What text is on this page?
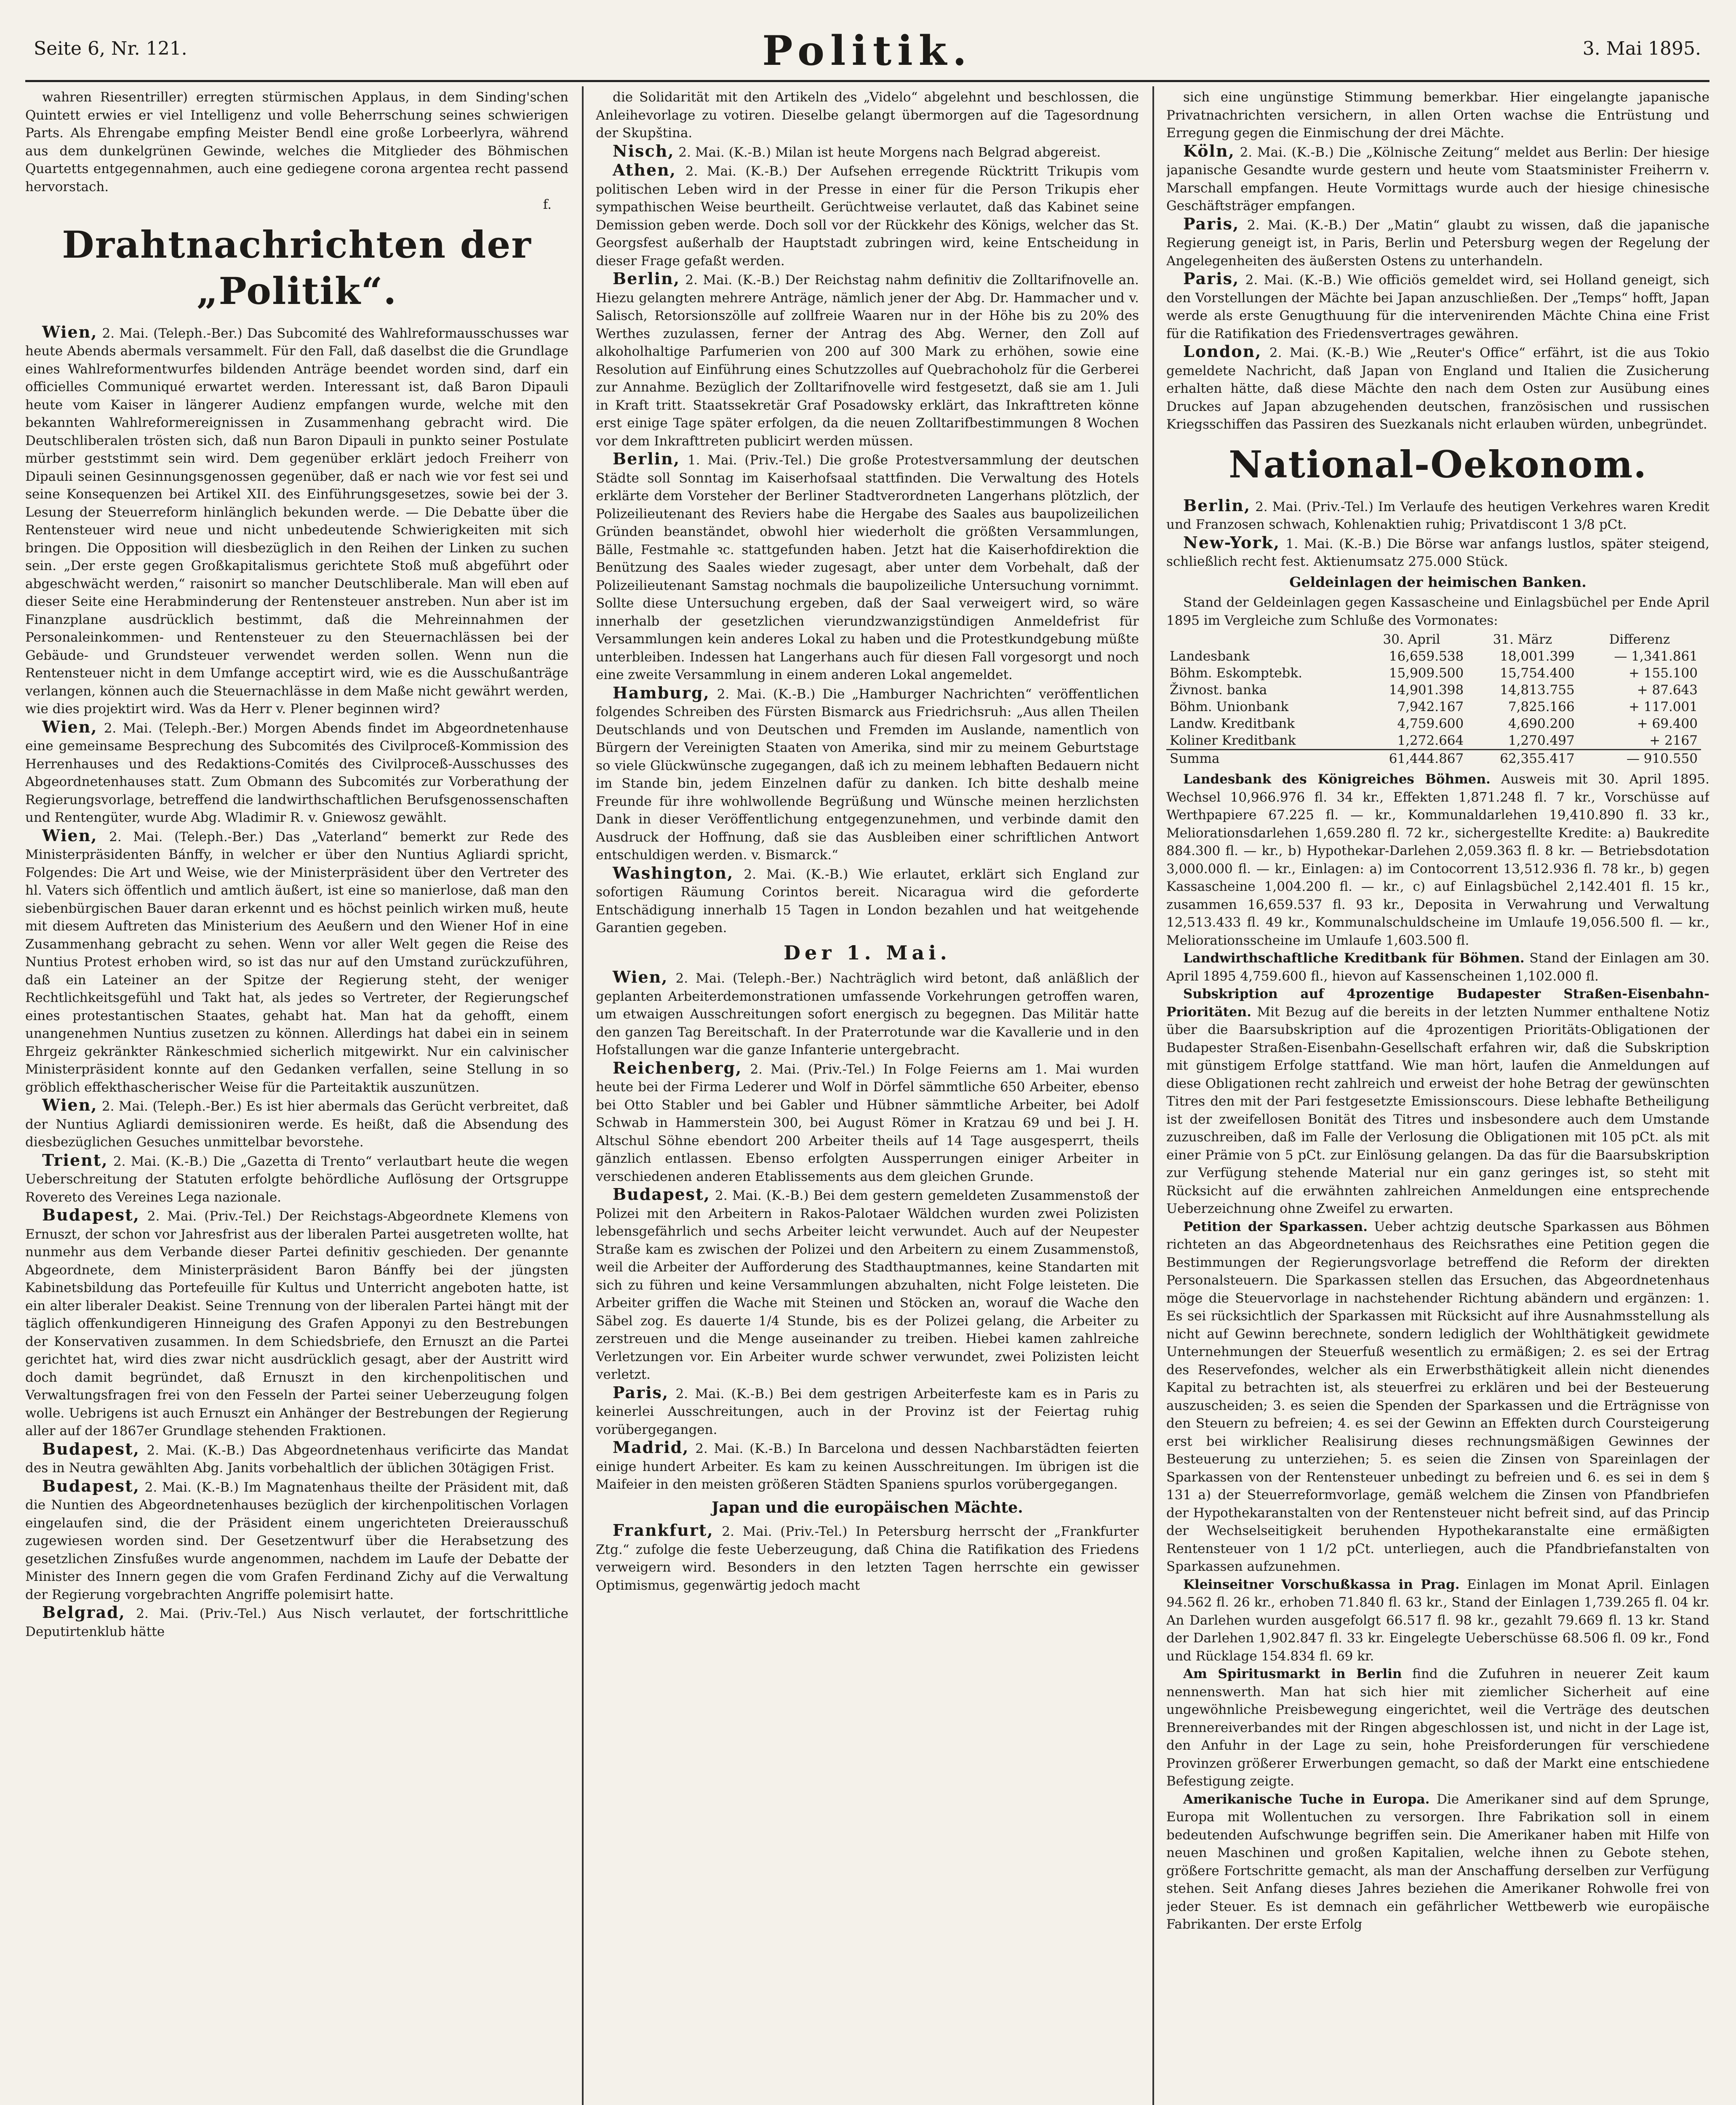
Seite 6, Nr. 121.	Politik.	3. Mai 1895.

wahren Riesentriller) erregten stürmischen Applaus, in dem Sinding'schen Quintett erwies er viel Intelligenz und volle Beherrschung seines schwierigen Parts. Als Ehrengabe empfing Meister Bendl eine große Lorbeerlyra, während aus dem dunkelgrünen Gewinde, welches die Mitglieder des Böhmischen Quartetts entgegennahmen, auch eine gediegene corona argentea recht passend hervorstach.

f.
Drahtnachrichten der „Politik“.

Wien, 2. Mai. (Teleph.-Ber.) Das Subcomité des Wahlreformausschusses war heute Abends abermals versammelt. Für den Fall, daß daselbst die die Grundlage eines Wahlreformentwurfes bildenden Anträge beendet worden sind, darf ein officielles Communiqué erwartet werden. Interessant ist, daß Baron Dipauli heute vom Kaiser in längerer Audienz empfangen wurde, welche mit den bekannten Wahlreformereignissen in Zusammenhang gebracht wird. Die Deutschliberalen trösten sich, daß nun Baron Dipauli in punkto seiner Postulate mürber geststimmt sein wird. Dem gegenüber erklärt jedoch Freiherr von Dipauli seinen Gesinnungsgenossen gegenüber, daß er nach wie vor fest sei und seine Konsequenzen bei Artikel XII. des Einführungsgesetzes, sowie bei der 3. Lesung der Steuerreform hinlänglich bekunden werde. — Die Debatte über die Rentensteuer wird neue und nicht unbedeutende Schwierigkeiten mit sich bringen. Die Opposition will diesbezüglich in den Reihen der Linken zu suchen sein. „Der erste gegen Großkapitalismus gerichtete Stoß muß abgeführt oder abgeschwächt werden,“ raisonirt so mancher Deutschliberale. Man will eben auf dieser Seite eine Herabminderung der Rentensteuer anstreben. Nun aber ist im Finanzplane ausdrücklich bestimmt, daß die Mehreinnahmen der Personaleinkommen- und Rentensteuer zu den Steuernachlässen bei der Gebäude- und Grundsteuer verwendet werden sollen. Wenn nun die Rentensteuer nicht in dem Umfange acceptirt wird, wie es die Ausschußanträge verlangen, können auch die Steuernachlässe in dem Maße nicht gewährt werden, wie dies projektirt wird. Was da Herr v. Plener beginnen wird?

Wien, 2. Mai. (Teleph.-Ber.) Morgen Abends findet im Abgeordnetenhause eine gemeinsame Besprechung des Subcomités des Civilproceß-Kommission des Herrenhauses und des Redaktions-Comités des Civilproceß-Ausschusses des Abgeordnetenhauses statt. Zum Obmann des Subcomités zur Vorberathung der Regierungsvorlage, betreffend die landwirthschaftlichen Berufsgenossenschaften und Rentengüter, wurde Abg. Wladimir R. v. Gniewosz gewählt.

Wien, 2. Mai. (Teleph.-Ber.) Das „Vaterland“ bemerkt zur Rede des Ministerpräsidenten Bánffy, in welcher er über den Nuntius Agliardi spricht, Folgendes: Die Art und Weise, wie der Ministerpräsident über den Vertreter des hl. Vaters sich öffentlich und amtlich äußert, ist eine so manierlose, daß man den siebenbürgischen Bauer daran erkennt und es höchst peinlich wirken muß, heute mit diesem Auftreten das Ministerium des Aeußern und den Wiener Hof in eine Zusammenhang gebracht zu sehen. Wenn vor aller Welt gegen die Reise des Nuntius Protest erhoben wird, so ist das nur auf den Umstand zurückzuführen, daß ein Lateiner an der Spitze der Regierung steht, der weniger Rechtlichkeitsgefühl und Takt hat, als jedes so Vertreter, der Regierungschef eines protestantischen Staates, gehabt hat. Man hat da gehofft, einem unangenehmen Nuntius zusetzen zu können. Allerdings hat dabei ein in seinem Ehrgeiz gekränkter Ränkeschmied sicherlich mitgewirkt. Nur ein calvinischer Ministerpräsident konnte auf den Gedanken verfallen, seine Stellung in so gröblich effekthascherischer Weise für die Parteitaktik auszunützen.

Wien, 2. Mai. (Teleph.-Ber.) Es ist hier abermals das Gerücht verbreitet, daß der Nuntius Agliardi demissioniren werde. Es heißt, daß die Absendung des diesbezüglichen Gesuches unmittelbar bevorstehe.

Trient, 2. Mai. (K.-B.) Die „Gazetta di Trento“ verlautbart heute die wegen Ueberschreitung der Statuten erfolgte behördliche Auflösung der Ortsgruppe Rovereto des Vereines Lega nazionale.

Budapest, 2. Mai. (Priv.-Tel.) Der Reichstags-Abgeordnete Klemens von Ernuszt, der schon vor Jahresfrist aus der liberalen Partei ausgetreten wollte, hat nunmehr aus dem Verbande dieser Partei definitiv geschieden. Der genannte Abgeordnete, dem Ministerpräsident Baron Bánffy bei der jüngsten Kabinetsbildung das Portefeuille für Kultus und Unterricht angeboten hatte, ist ein alter liberaler Deakist. Seine Trennung von der liberalen Partei hängt mit der täglich offenkundigeren Hinneigung des Grafen Apponyi zu den Bestrebungen der Konservativen zusammen. In dem Schiedsbriefe, den Ernuszt an die Partei gerichtet hat, wird dies zwar nicht ausdrücklich gesagt, aber der Austritt wird doch damit begründet, daß Ernuszt in den kirchenpolitischen und Verwaltungsfragen frei von den Fesseln der Partei seiner Ueberzeugung folgen wolle. Uebrigens ist auch Ernuszt ein Anhänger der Bestrebungen der Regierung aller auf der 1867er Grundlage stehenden Fraktionen.

Budapest, 2. Mai. (K.-B.) Das Abgeordnetenhaus verificirte das Mandat des in Neutra gewählten Abg. Janits vorbehaltlich der üblichen 30tägigen Frist.

Budapest, 2. Mai. (K.-B.) Im Magnatenhaus theilte der Präsident mit, daß die Nuntien des Abgeordnetenhauses bezüglich der kirchenpolitischen Vorlagen eingelaufen sind, die der Präsident einem ungerichteten Dreierausschuß zugewiesen worden sind. Der Gesetzentwurf über die Herabsetzung des gesetzlichen Zinsfußes wurde angenommen, nachdem im Laufe der Debatte der Minister des Innern gegen die vom Grafen Ferdinand Zichy auf die Verwaltung der Regierung vorgebrachten Angriffe polemisirt hatte.

Belgrad, 2. Mai. (Priv.-Tel.) Aus Nisch verlautet, der fortschrittliche Deputirtenklub hätte

die Solidarität mit den Artikeln des „Videlo“ abgelehnt und beschlossen, die Anleihevorlage zu votiren. Dieselbe gelangt übermorgen auf die Tagesordnung der Skupština.

Nisch, 2. Mai. (K.-B.) Milan ist heute Morgens nach Belgrad abgereist.

Athen, 2. Mai. (K.-B.) Der Aufsehen erregende Rücktritt Trikupis vom politischen Leben wird in der Presse in einer für die Person Trikupis eher sympathischen Weise beurtheilt. Gerüchtweise verlautet, daß das Kabinet seine Demission geben werde. Doch soll vor der Rückkehr des Königs, welcher das St. Georgsfest außerhalb der Hauptstadt zubringen wird, keine Entscheidung in dieser Frage gefaßt werden.

Berlin, 2. Mai. (K.-B.) Der Reichstag nahm definitiv die Zolltarifnovelle an. Hiezu gelangten mehrere Anträge, nämlich jener der Abg. Dr. Hammacher und v. Salisch, Retorsionszölle auf zollfreie Waaren nur in der Höhe bis zu 20% des Werthes zuzulassen, ferner der Antrag des Abg. Werner, den Zoll auf alkoholhaltige Parfumerien von 200 auf 300 Mark zu erhöhen, sowie eine Resolution auf Einführung eines Schutzzolles auf Quebrachoholz für die Gerberei zur Annahme. Bezüglich der Zolltarifnovelle wird festgesetzt, daß sie am 1. Juli in Kraft tritt. Staatssekretär Graf Posadowsky erklärt, das Inkrafttreten könne erst einige Tage später erfolgen, da die neuen Zolltarifbestimmungen 8 Wochen vor dem Inkrafttreten publicirt werden müssen.

Berlin, 1. Mai. (Priv.-Tel.) Die große Protestversammlung der deutschen Städte soll Sonntag im Kaiserhofsaal stattfinden. Die Verwaltung des Hotels erklärte dem Vorsteher der Berliner Stadtverordneten Langerhans plötzlich, der Polizeilieutenant des Reviers habe die Hergabe des Saales aus baupolizeilichen Gründen beanständet, obwohl hier wiederholt die größten Versammlungen, Bälle, Festmahle ꝛc. stattgefunden haben. Jetzt hat die Kaiserhofdirektion die Benützung des Saales wieder zugesagt, aber unter dem Vorbehalt, daß der Polizeilieutenant Samstag nochmals die baupolizeiliche Untersuchung vornimmt. Sollte diese Untersuchung ergeben, daß der Saal verweigert wird, so wäre innerhalb der gesetzlichen vierundzwanzigstündigen Anmeldefrist für Versammlungen kein anderes Lokal zu haben und die Protestkundgebung müßte unterbleiben. Indessen hat Langerhans auch für diesen Fall vorgesorgt und noch eine zweite Versammlung in einem anderen Lokal angemeldet.

Hamburg, 2. Mai. (K.-B.) Die „Hamburger Nachrichten“ veröffentlichen folgendes Schreiben des Fürsten Bismarck aus Friedrichsruh: „Aus allen Theilen Deutschlands und von Deutschen und Fremden im Auslande, namentlich von Bürgern der Vereinigten Staaten von Amerika, sind mir zu meinem Geburtstage so viele Glückwünsche zugegangen, daß ich zu meinem lebhaften Bedauern nicht im Stande bin, jedem Einzelnen dafür zu danken. Ich bitte deshalb meine Freunde für ihre wohlwollende Begrüßung und Wünsche meinen herzlichsten Dank in dieser Veröffentlichung entgegenzunehmen, und verbinde damit den Ausdruck der Hoffnung, daß sie das Ausbleiben einer schriftlichen Antwort entschuldigen werden. v. Bismarck.“

Washington, 2. Mai. (K.-B.) Wie erlautet, erklärt sich England zur sofortigen Räumung Corintos bereit. Nicaragua wird die geforderte Entschädigung innerhalb 15 Tagen in London bezahlen und hat weitgehende Garantien gegeben.

Der 1. Mai.

Wien, 2. Mai. (Teleph.-Ber.) Nachträglich wird betont, daß anläßlich der geplanten Arbeiterdemonstrationen umfassende Vorkehrungen getroffen waren, um etwaigen Ausschreitungen sofort energisch zu begegnen. Das Militär hatte den ganzen Tag Bereitschaft. In der Praterrotunde war die Kavallerie und in den Hofstallungen war die ganze Infanterie untergebracht.

Reichenberg, 2. Mai. (Priv.-Tel.) In Folge Feierns am 1. Mai wurden heute bei der Firma Lederer und Wolf in Dörfel sämmtliche 650 Arbeiter, ebenso bei Otto Stabler und bei Gabler und Hübner sämmtliche Arbeiter, bei Adolf Schwab in Hammerstein 300, bei August Römer in Kratzau 69 und bei J. H. Altschul Söhne ebendort 200 Arbeiter theils auf 14 Tage ausgesperrt, theils gänzlich entlassen. Ebenso erfolgten Aussperrungen einiger Arbeiter in verschiedenen anderen Etablissements aus dem gleichen Grunde.

Budapest, 2. Mai. (K.-B.) Bei dem gestern gemeldeten Zusammenstoß der Polizei mit den Arbeitern in Rakos-Palotaer Wäldchen wurden zwei Polizisten lebensgefährlich und sechs Arbeiter leicht verwundet. Auch auf der Neupester Straße kam es zwischen der Polizei und den Arbeitern zu einem Zusammenstoß, weil die Arbeiter der Aufforderung des Stadthauptmannes, keine Standarten mit sich zu führen und keine Versammlungen abzuhalten, nicht Folge leisteten. Die Arbeiter griffen die Wache mit Steinen und Stöcken an, worauf die Wache den Säbel zog. Es dauerte 1/4 Stunde, bis es der Polizei gelang, die Arbeiter zu zerstreuen und die Menge auseinander zu treiben. Hiebei kamen zahlreiche Verletzungen vor. Ein Arbeiter wurde schwer verwundet, zwei Polizisten leicht verletzt.

Paris, 2. Mai. (K.-B.) Bei dem gestrigen Arbeiterfeste kam es in Paris zu keinerlei Ausschreitungen, auch in der Provinz ist der Feiertag ruhig vorübergegangen.

Madrid, 2. Mai. (K.-B.) In Barcelona und dessen Nachbarstädten feierten einige hundert Arbeiter. Es kam zu keinen Ausschreitungen. Im übrigen ist die Maifeier in den meisten größeren Städten Spaniens spurlos vorübergegangen.

Japan und die europäischen Mächte.

Frankfurt, 2. Mai. (Priv.-Tel.) In Petersburg herrscht der „Frankfurter Ztg.“ zufolge die feste Ueberzeugung, daß China die Ratifikation des Friedens verweigern wird. Besonders in den letzten Tagen herrschte ein gewisser Optimismus, gegenwärtig jedoch macht

sich eine ungünstige Stimmung bemerkbar. Hier eingelangte japanische Privatnachrichten versichern, in allen Orten wachse die Entrüstung und Erregung gegen die Einmischung der drei Mächte.

Köln, 2. Mai. (K.-B.) Die „Kölnische Zeitung“ meldet aus Berlin: Der hiesige japanische Gesandte wurde gestern und heute vom Staatsminister Freiherrn v. Marschall empfangen. Heute Vormittags wurde auch der hiesige chinesische Geschäftsträger empfangen.

Paris, 2. Mai. (K.-B.) Der „Matin“ glaubt zu wissen, daß die japanische Regierung geneigt ist, in Paris, Berlin und Petersburg wegen der Regelung der Angelegenheiten des äußersten Ostens zu unterhandeln.

Paris, 2. Mai. (K.-B.) Wie officiös gemeldet wird, sei Holland geneigt, sich den Vorstellungen der Mächte bei Japan anzuschließen. Der „Temps“ hofft, Japan werde als erste Genugthuung für die intervenirenden Mächte China eine Frist für die Ratifikation des Friedensvertrages gewähren.

London, 2. Mai. (K.-B.) Wie „Reuter's Office“ erfährt, ist die aus Tokio gemeldete Nachricht, daß Japan von England und Italien die Zusicherung erhalten hätte, daß diese Mächte den nach dem Osten zur Ausübung eines Druckes auf Japan abzugehenden deutschen, französischen und russischen Kriegsschiffen das Passiren des Suezkanals nicht erlauben würden, unbegründet.

National-Oekonom.

Berlin, 2. Mai. (Priv.-Tel.) Im Verlaufe des heutigen Verkehres waren Kredit und Franzosen schwach, Kohlenaktien ruhig; Privatdiscont 1 3/8 pCt.

New-York, 1. Mai. (K.-B.) Die Börse war anfangs lustlos, später steigend, schließlich recht fest. Aktienumsatz 275.000 Stück.

Geldeinlagen der heimischen Banken.

Stand der Geldeinlagen gegen Kassascheine und Einlagsbüchel per Ende April 1895 im Vergleiche zum Schluße des Vormonates:

	30. April	31. März	Differenz
Landesbank	16,659.538	18,001.399	— 1,341.861
Böhm. Eskomptebk.	15,909.500	15,754.400	+ 155.100
Živnost. banka	14,901.398	14,813.755	+ 87.643
Böhm. Unionbank	7,942.167	7,825.166	+ 117.001
Landw. Kreditbank	4,759.600	4,690.200	+ 69.400
Koliner Kreditbank	1,272.664	1,270.497	+ 2167
Summa	61,444.867	62,355.417	— 910.550

Landesbank des Königreiches Böhmen. Ausweis mit 30. April 1895. Wechsel 10,966.976 fl. 34 kr., Effekten 1,871.248 fl. 7 kr., Vorschüsse auf Werthpapiere 67.225 fl. — kr., Kommunaldarlehen 19,410.890 fl. 33 kr., Meliorationsdarlehen 1,659.280 fl. 72 kr., sichergestellte Kredite: a) Baukredite 884.300 fl. — kr., b) Hypothekar-Darlehen 2,059.363 fl. 8 kr. — Betriebsdotation 3,000.000 fl. — kr., Einlagen: a) im Contocorrent 13,512.936 fl. 78 kr., b) gegen Kassascheine 1,004.200 fl. — kr., c) auf Einlagsbüchel 2,142.401 fl. 15 kr., zusammen 16,659.537 fl. 93 kr., Deposita in Verwahrung und Verwaltung 12,513.433 fl. 49 kr., Kommunalschuldscheine im Umlaufe 19,056.500 fl. — kr., Meliorationsscheine im Umlaufe 1,603.500 fl.

Landwirthschaftliche Kreditbank für Böhmen. Stand der Einlagen am 30. April 1895 4,759.600 fl., hievon auf Kassenscheinen 1,102.000 fl.

Subskription auf 4prozentige Budapester Straßen-Eisenbahn-Prioritäten. Mit Bezug auf die bereits in der letzten Nummer enthaltene Notiz über die Baarsubskription auf die 4prozentigen Prioritäts-Obligationen der Budapester Straßen-Eisenbahn-Gesellschaft erfahren wir, daß die Subskription mit günstigem Erfolge stattfand. Wie man hört, laufen die Anmeldungen auf diese Obligationen recht zahlreich und erweist der hohe Betrag der gewünschten Titres den mit der Pari festgesetzte Emissionscours. Diese lebhafte Betheiligung ist der zweifellosen Bonität des Titres und insbesondere auch dem Umstande zuzuschreiben, daß im Falle der Verlosung die Obligationen mit 105 pCt. als mit einer Prämie von 5 pCt. zur Einlösung gelangen. Da das für die Baarsubskription zur Verfügung stehende Material nur ein ganz geringes ist, so steht mit Rücksicht auf die erwähnten zahlreichen Anmeldungen eine entsprechende Ueberzeichnung ohne Zweifel zu erwarten.

Petition der Sparkassen. Ueber achtzig deutsche Sparkassen aus Böhmen richteten an das Abgeordnetenhaus des Reichsrathes eine Petition gegen die Bestimmungen der Regierungsvorlage betreffend die Reform der direkten Personalsteuern. Die Sparkassen stellen das Ersuchen, das Abgeordnetenhaus möge die Steuervorlage in nachstehender Richtung abändern und ergänzen: 1. Es sei rücksichtlich der Sparkassen mit Rücksicht auf ihre Ausnahmsstellung als nicht auf Gewinn berechnete, sondern lediglich der Wohlthätigkeit gewidmete Unternehmungen der Steuerfuß wesentlich zu ermäßigen; 2. es sei der Ertrag des Reservefondes, welcher als ein Erwerbsthätigkeit allein nicht dienendes Kapital zu betrachten ist, als steuerfrei zu erklären und bei der Besteuerung auszuscheiden; 3. es seien die Spenden der Sparkassen und die Erträgnisse von den Steuern zu befreien; 4. es sei der Gewinn an Effekten durch Coursteigerung erst bei wirklicher Realisirung dieses rechnungsmäßigen Gewinnes der Besteuerung zu unterziehen; 5. es seien die Zinsen von Spareinlagen der Sparkassen von der Rentensteuer unbedingt zu befreien und 6. es sei in dem § 131 a) der Steuerreformvorlage, gemäß welchem die Zinsen von Pfandbriefen der Hypothekaranstalten von der Rentensteuer nicht befreit sind, auf das Princip der Wechselseitigkeit beruhenden Hypothekaranstalte eine ermäßigten Rentensteuer von 1 1/2 pCt. unterliegen, auch die Pfandbriefanstalten von Sparkassen aufzunehmen.

Kleinseitner Vorschußkassa in Prag. Einlagen im Monat April. Einlagen 94.562 fl. 26 kr., erhoben 71.840 fl. 63 kr., Stand der Einlagen 1,739.265 fl. 04 kr. An Darlehen wurden ausgefolgt 66.517 fl. 98 kr., gezahlt 79.669 fl. 13 kr. Stand der Darlehen 1,902.847 fl. 33 kr. Eingelegte Ueberschüsse 68.506 fl. 09 kr., Fond und Rücklage 154.834 fl. 69 kr.

Am Spiritusmarkt in Berlin find die Zufuhren in neuerer Zeit kaum nennenswerth. Man hat sich hier mit ziemlicher Sicherheit auf eine ungewöhnliche Preisbewegung eingerichtet, weil die Verträge des deutschen Brennereiverbandes mit der Ringen abgeschlossen ist, und nicht in der Lage ist, den Anfuhr in der Lage zu sein, hohe Preisforderungen für verschiedene Provinzen größerer Erwerbungen gemacht, so daß der Markt eine entschiedene Befestigung zeigte.

Amerikanische Tuche in Europa. Die Amerikaner sind auf dem Sprunge, Europa mit Wollentuchen zu versorgen. Ihre Fabrikation soll in einem bedeutenden Aufschwunge begriffen sein. Die Amerikaner haben mit Hilfe von neuen Maschinen und großen Kapitalien, welche ihnen zu Gebote stehen, größere Fortschritte gemacht, als man der Anschaffung derselben zur Verfügung stehen. Seit Anfang dieses Jahres beziehen die Amerikaner Rohwolle frei von jeder Steuer. Es ist demnach ein gefährlicher Wettbewerb wie europäische Fabrikanten. Der erste Erfolg
